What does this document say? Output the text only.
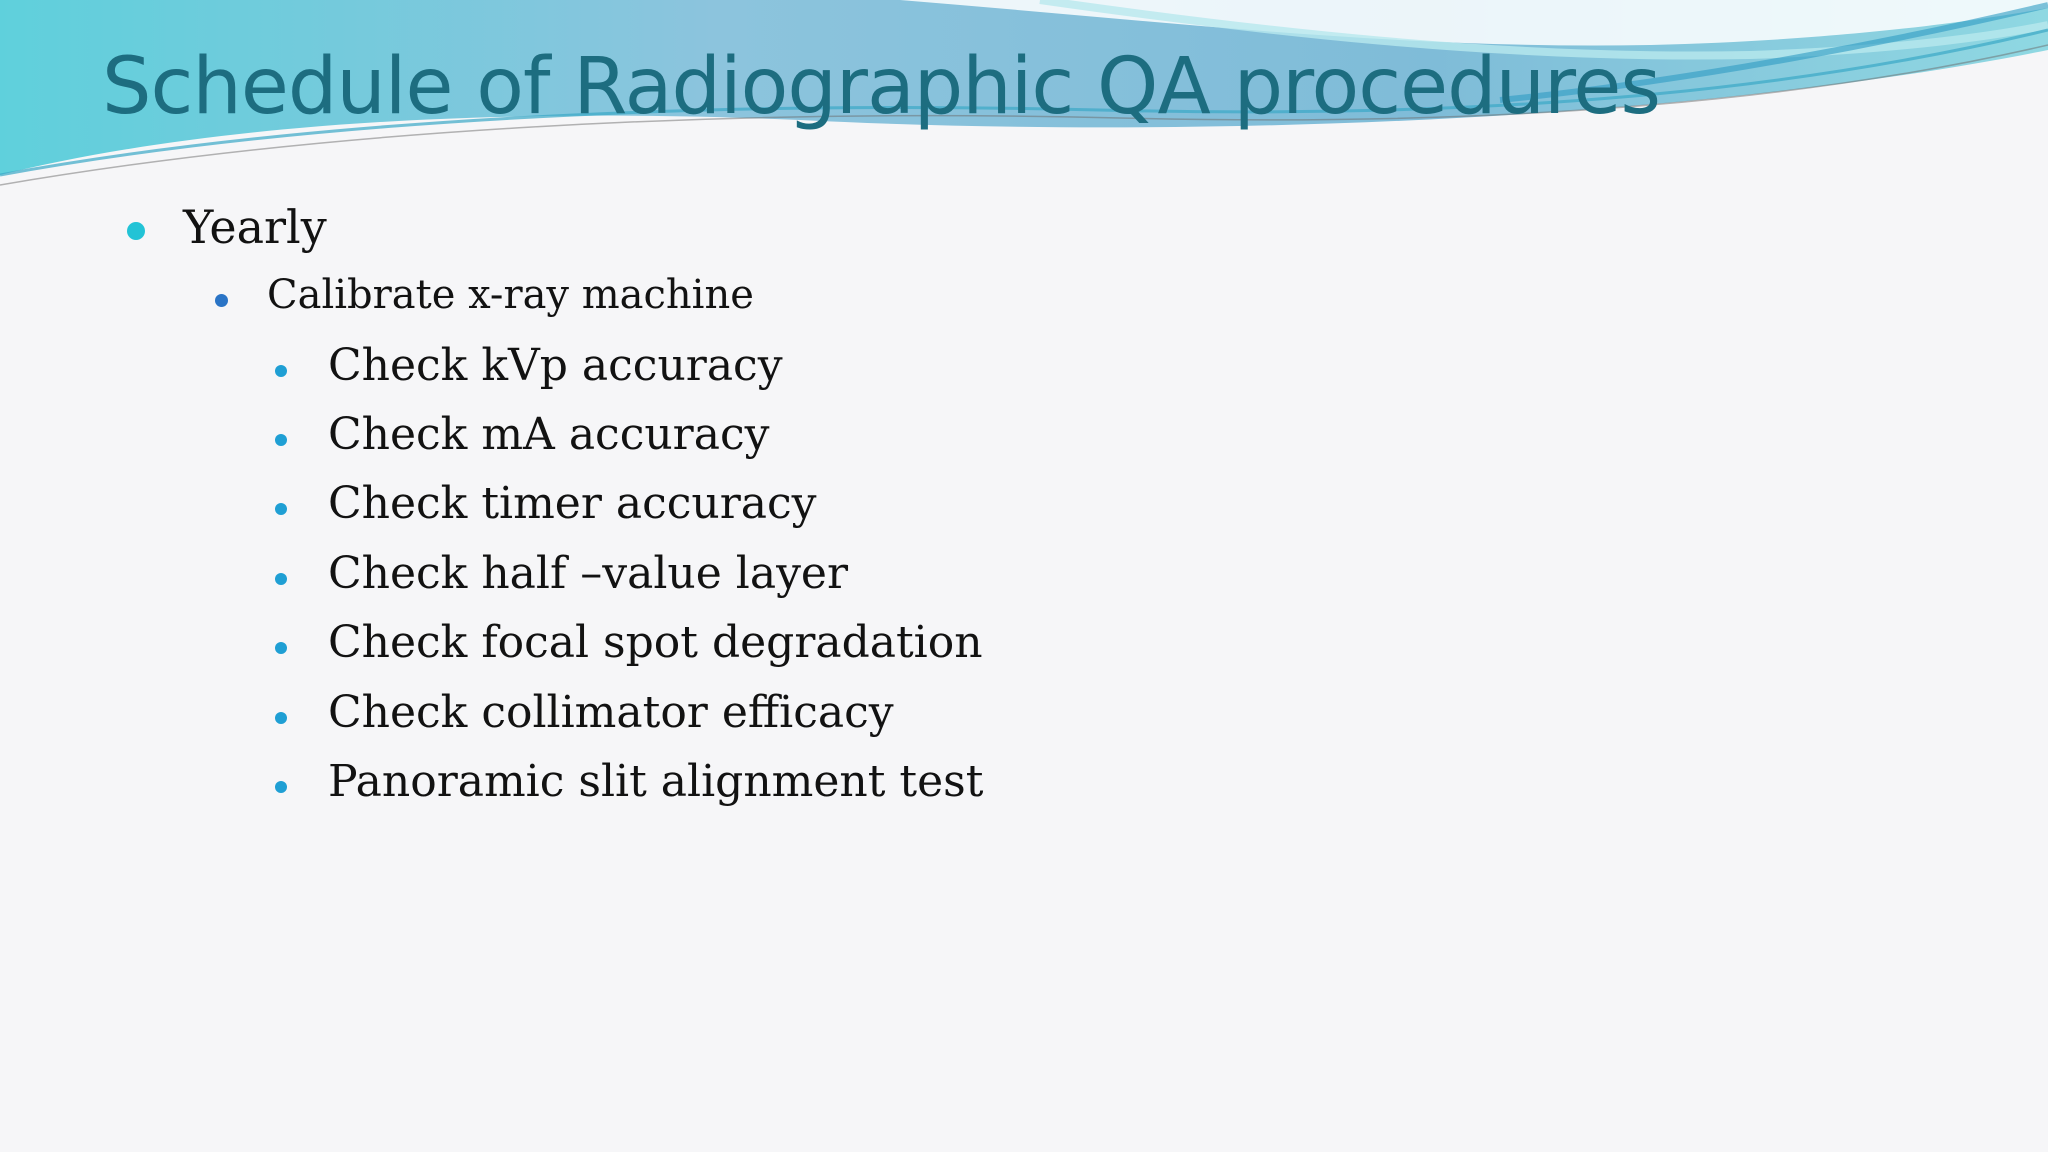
Schedule of Radiographic QA procedures
Yearly
Calibrate x-ray machine
Check kVp accuracy
Check mA accuracy
Check timer accuracy
Check half –value layer
Check focal spot degradation
Check collimator efficacy
Panoramic slit alignment test
